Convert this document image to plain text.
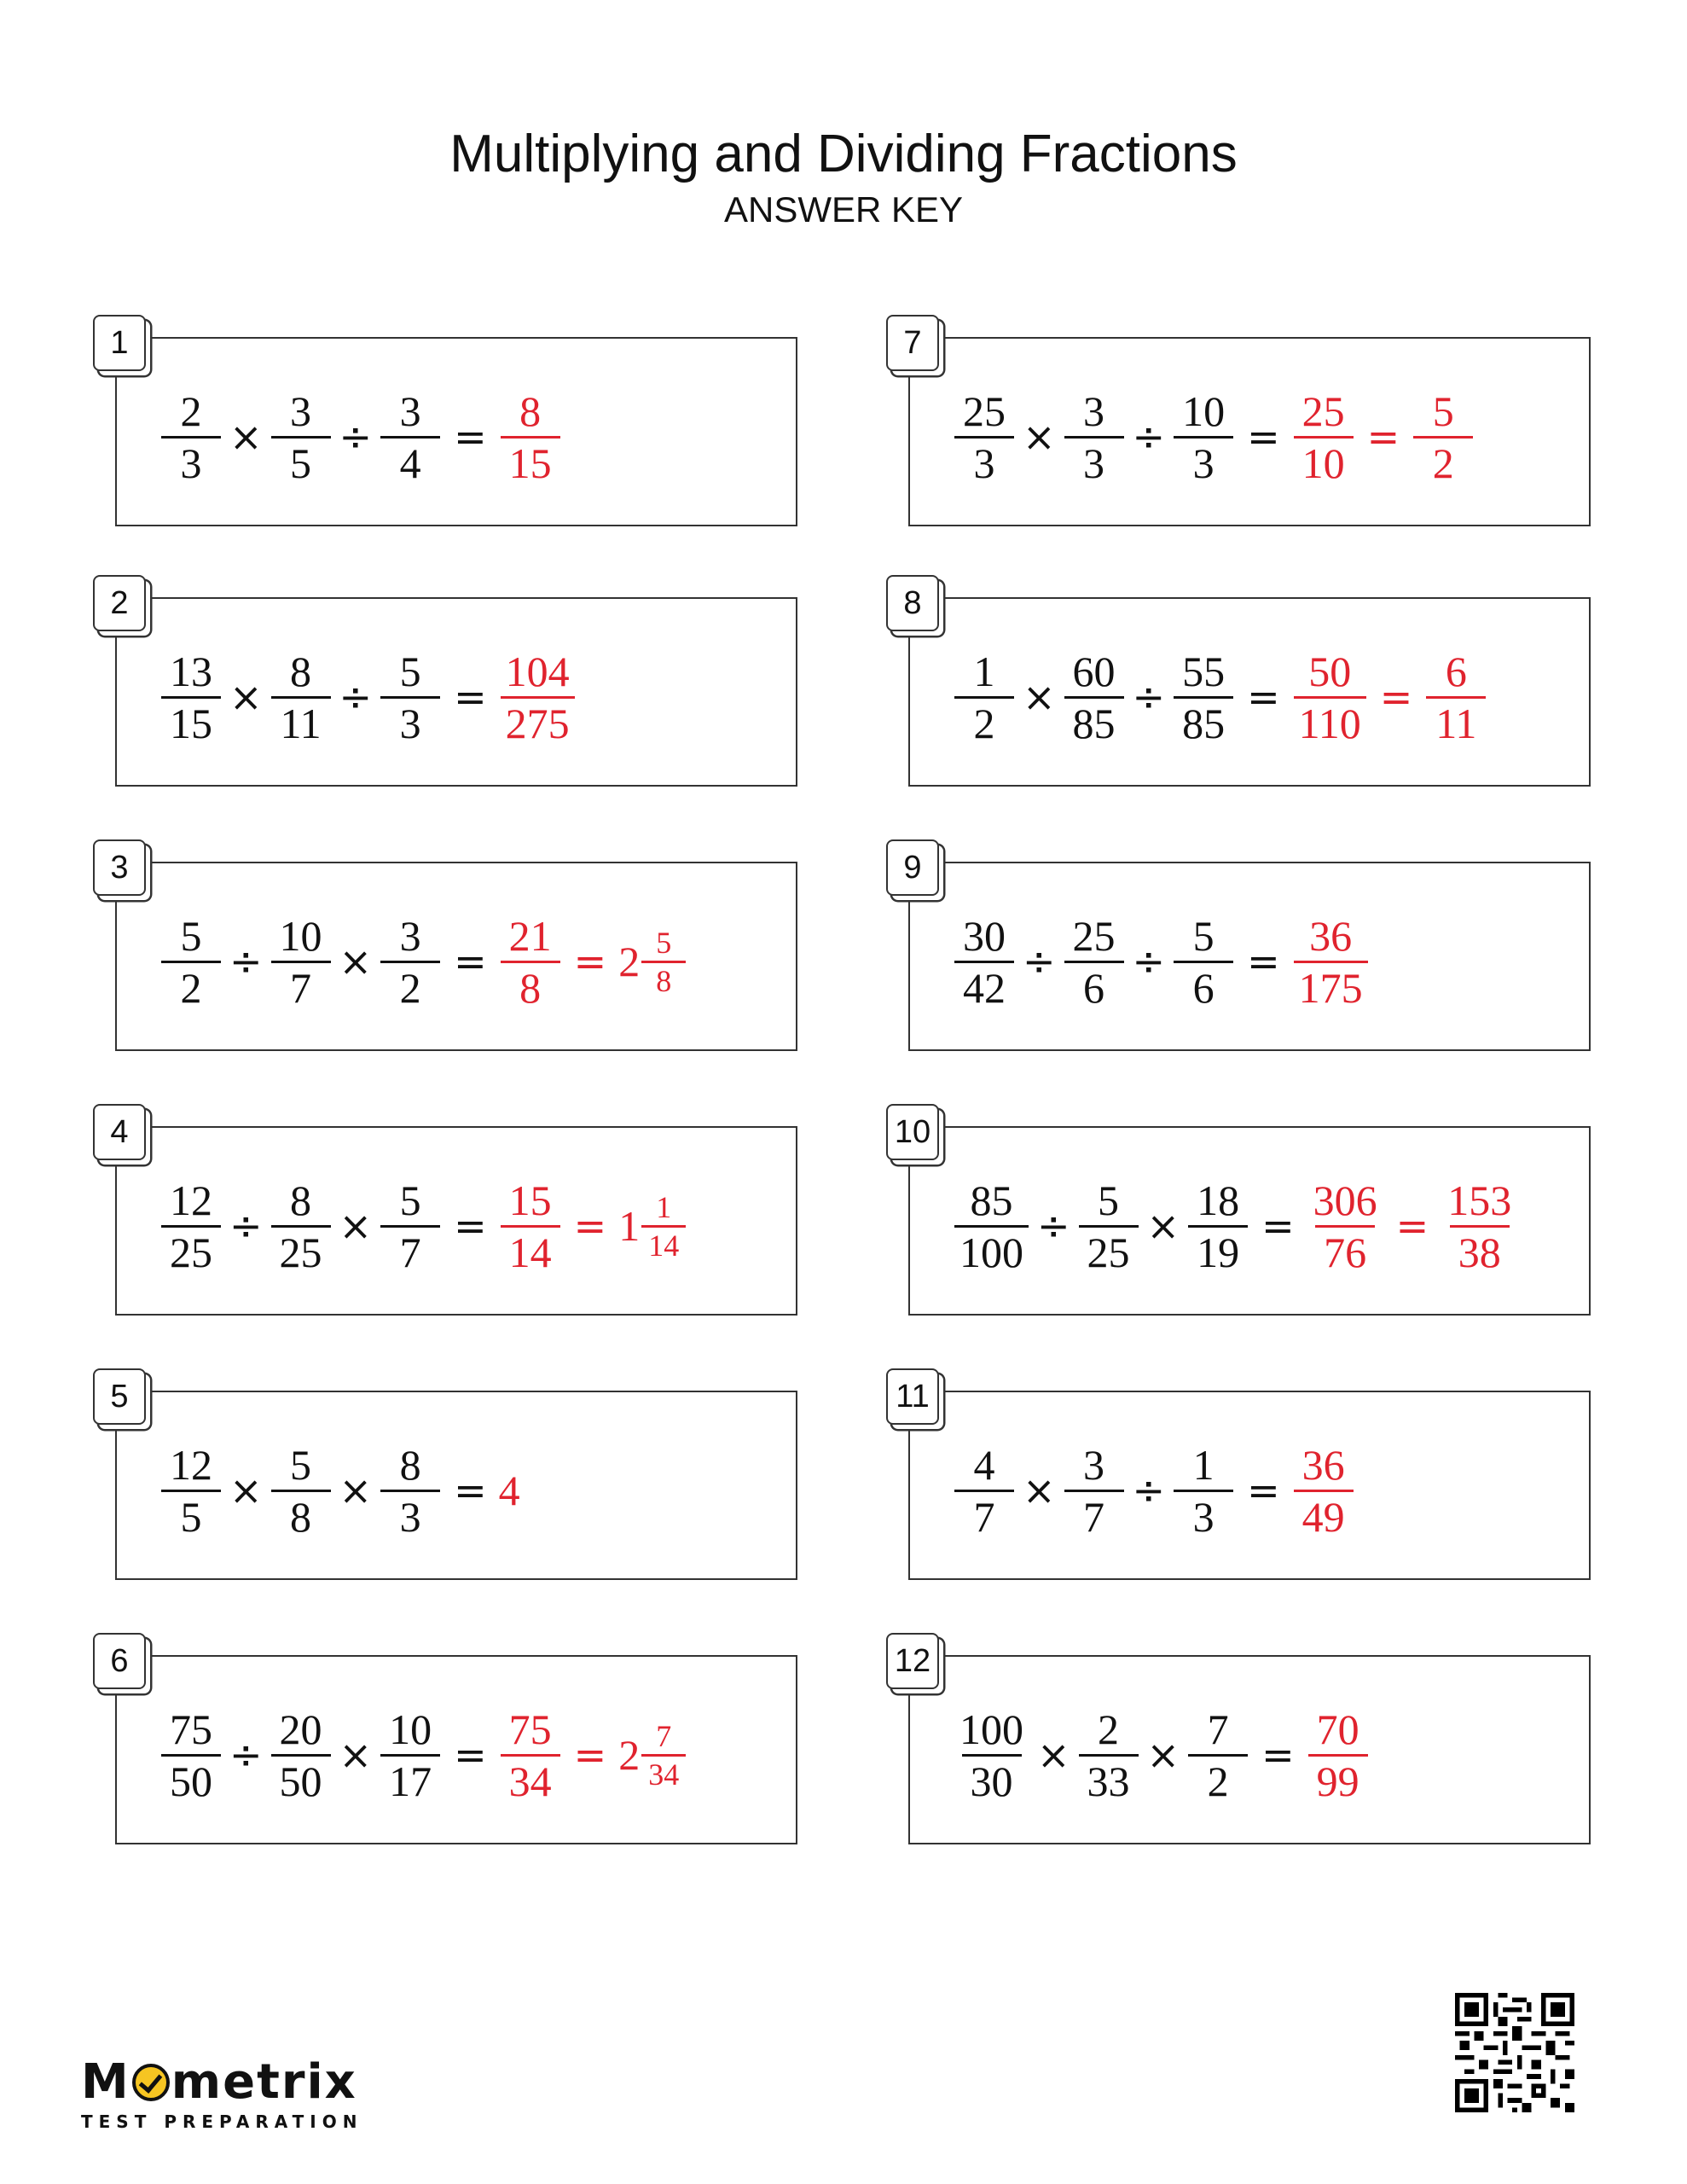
Multiplying and Dividing Fractions
ANSWER KEY
1
$\frac{2}{3} \times \frac{3}{5} \div \frac{3}{4} = \frac{8}{15}$
2
$\frac{13}{15} \times \frac{8}{11} \div \frac{5}{3} = \frac{104}{275}$
3
$\frac{5}{2} \div \frac{10}{7} \times \frac{3}{2} = \frac{21}{8} = 2 \frac{5}{8}$
4
$\frac{12}{25} \div \frac{8}{25} \times \frac{5}{7} = \frac{15}{14} = 1 \frac{1}{14}$
5
$\frac{12}{5} \times \frac{5}{8} \times \frac{8}{3} = 4$
6
$\frac{75}{50} \div \frac{20}{50} \times \frac{10}{17} = \frac{75}{34} = 2 \frac{7}{34}$
7
$\frac{25}{3} \times \frac{3}{3} \div \frac{10}{3} = \frac{25}{10} = \frac{5}{2}$
8
$\frac{1}{2} \times \frac{60}{85} \div \frac{55}{85} = \frac{50}{110} = \frac{6}{11}$
9
$\frac{30}{42} \div \frac{25}{6} \div \frac{5}{6} = \frac{36}{175}$
10
$\frac{85}{100} \div \frac{5}{25} \times \frac{18}{19} = \frac{306}{76} = \frac{153}{38}$
11
$\frac{4}{7} \times \frac{3}{7} \div \frac{1}{3} = \frac{36}{49}$
12
$\frac{100}{30} \times \frac{2}{33} \times \frac{7}{2} = \frac{70}{99}$
M metrix
TEST PREPARATION
